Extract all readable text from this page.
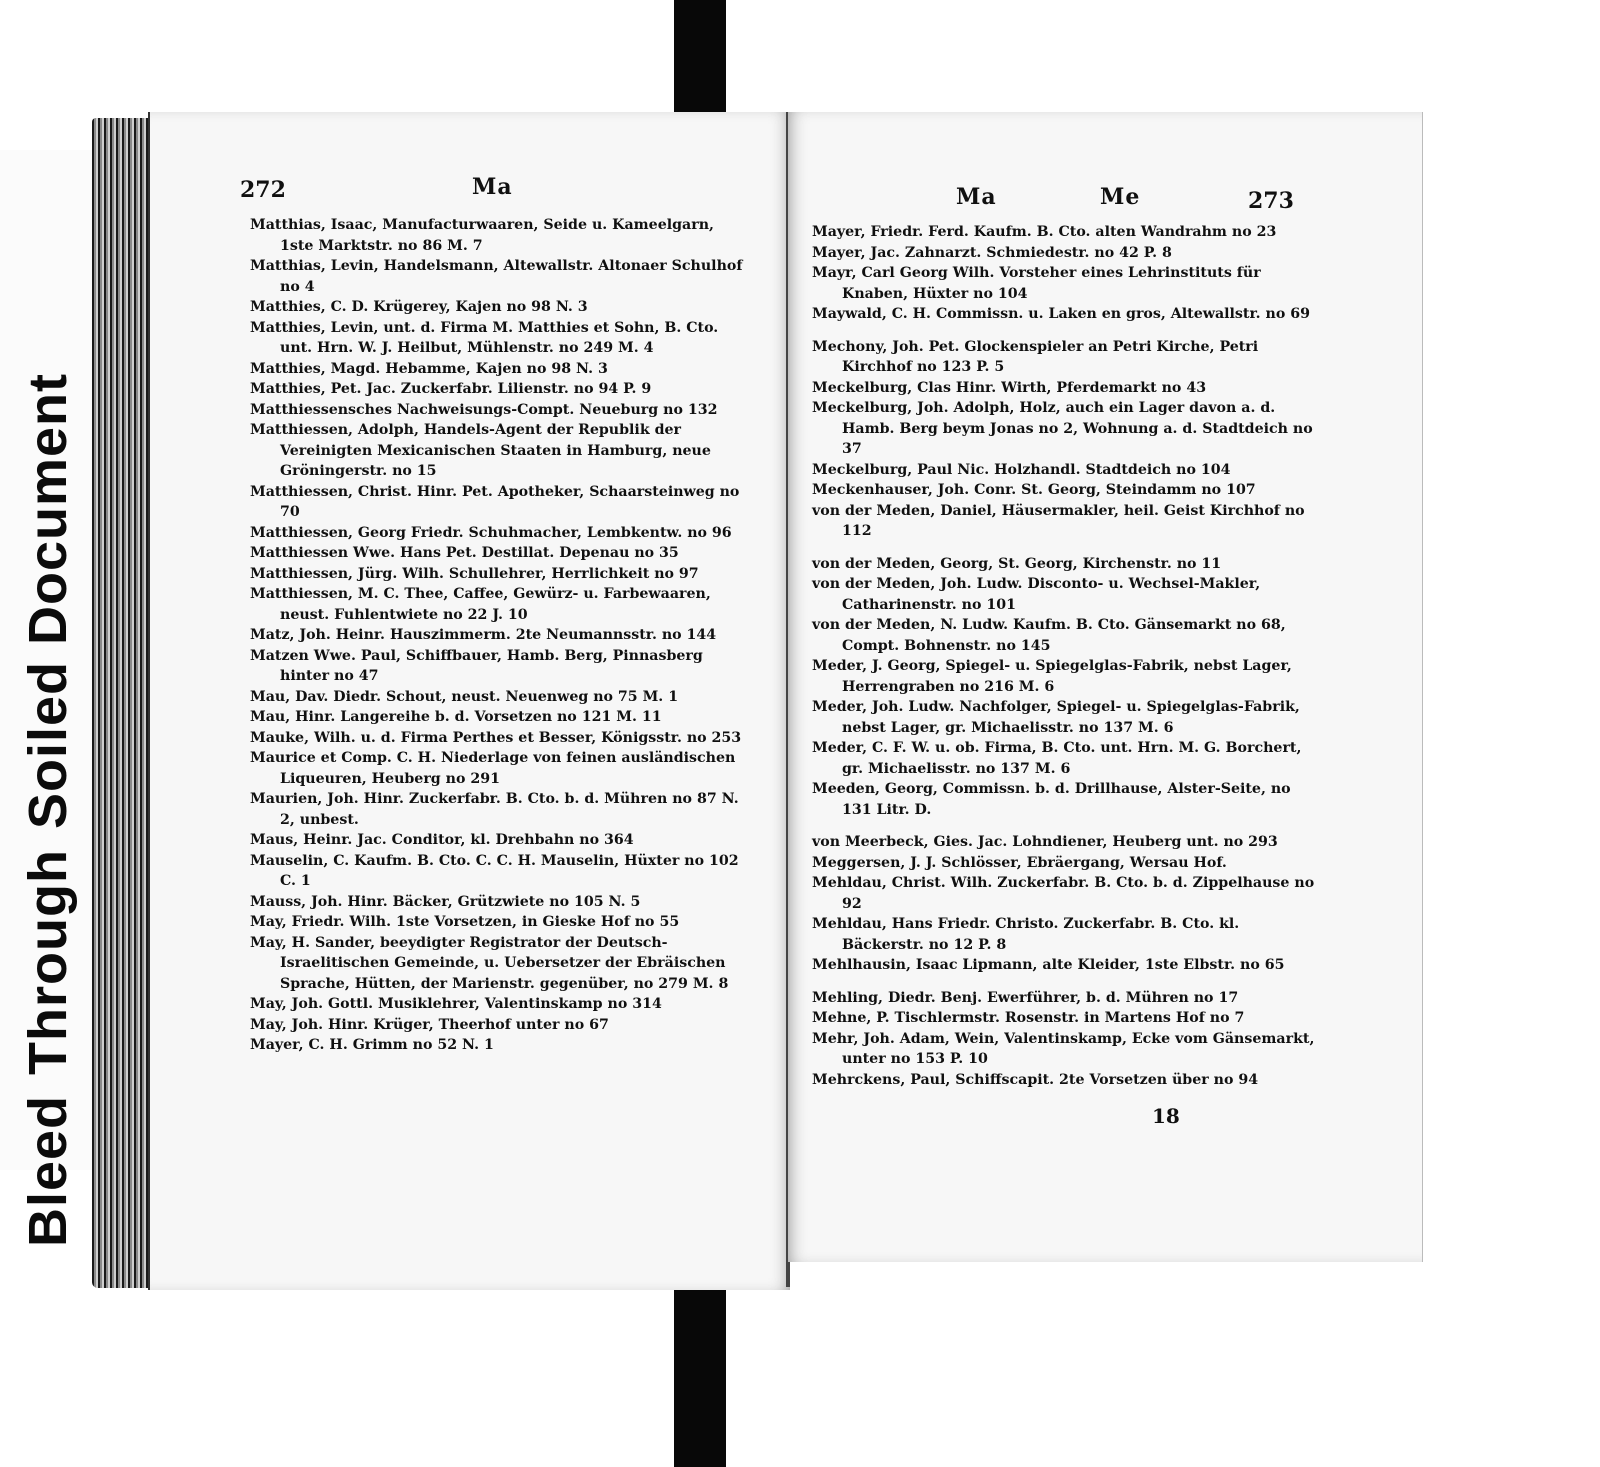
BleedThroughSoiled Document
272	Ma

Matthias, Isaac, Manufacturwaaren, Seide u. Kameelgarn, 1ste Marktstr. no 86 M. 7

Matthias, Levin, Handelsmann, Altewallstr. Altonaer Schulhof no 4

Matthies, C. D. Krügerey, Kajen no 98 N. 3

Matthies, Levin, unt. d. Firma M. Matthies et Sohn, B. Cto. unt. Hrn. W. J. Heilbut, Mühlenstr. no 249 M. 4

Matthies, Magd. Hebamme, Kajen no 98 N. 3

Matthies, Pet. Jac. Zuckerfabr. Lilienstr. no 94 P. 9

Matthiessensches Nachweisungs-Compt. Neueburg no 132

Matthiessen, Adolph, Handels-Agent der Republik der Vereinigten Mexicanischen Staaten in Hamburg, neue Gröningerstr. no 15

Matthiessen, Christ. Hinr. Pet. Apotheker, Schaarsteinweg no 70

Matthiessen, Georg Friedr. Schuhmacher, Lembkentw. no 96

Matthiessen Wwe. Hans Pet. Destillat. Depenau no 35

Matthiessen, Jürg. Wilh. Schullehrer, Herrlichkeit no 97

Matthiessen, M. C. Thee, Caffee, Gewürz- u. Farbewaaren, neust. Fuhlentwiete no 22 J. 10

Matz, Joh. Heinr. Hauszimmerm. 2te Neumannsstr. no 144

Matzen Wwe. Paul, Schiffbauer, Hamb. Berg, Pinnasberg hinter no 47

Mau, Dav. Diedr. Schout, neust. Neuenweg no 75 M. 1

Mau, Hinr. Langereihe b. d. Vorsetzen no 121 M. 11

Mauke, Wilh. u. d. Firma Perthes et Besser, Königsstr. no 253

Maurice et Comp. C. H. Niederlage von feinen ausländischen Liqueuren, Heuberg no 291

Maurien, Joh. Hinr. Zuckerfabr. B. Cto. b. d. Mühren no 87 N. 2, unbest.

Maus, Heinr. Jac. Conditor, kl. Drehbahn no 364

Mauselin, C. Kaufm. B. Cto. C. C. H. Mauselin, Hüxter no 102 C. 1

Mauss, Joh. Hinr. Bäcker, Grützwiete no 105 N. 5

May, Friedr. Wilh. 1ste Vorsetzen, in Gieske Hof no 55

May, H. Sander, beeydigter Registrator der Deutsch-Israelitischen Gemeinde, u. Uebersetzer der Ebräischen Sprache, Hütten, der Marienstr. gegenüber, no 279 M. 8

May, Joh. Gottl. Musiklehrer, Valentinskamp no 314

May, Joh. Hinr. Krüger, Theerhof unter no 67

Mayer, C. H. Grimm no 52 N. 1

Ma	Me	273

Mayer, Friedr. Ferd. Kaufm. B. Cto. alten Wandrahm no 23

Mayer, Jac. Zahnarzt. Schmiedestr. no 42 P. 8

Mayr, Carl Georg Wilh. Vorsteher eines Lehrinstituts für Knaben, Hüxter no 104

Maywald, C. H. Commissn. u. Laken en gros, Altewallstr. no 69

Mechony, Joh. Pet. Glockenspieler an Petri Kirche, Petri Kirchhof no 123 P. 5

Meckelburg, Clas Hinr. Wirth, Pferdemarkt no 43

Meckelburg, Joh. Adolph, Holz, auch ein Lager davon a. d. Hamb. Berg beym Jonas no 2, Wohnung a. d. Stadtdeich no 37

Meckelburg, Paul Nic. Holzhandl. Stadtdeich no 104

Meckenhauser, Joh. Conr. St. Georg, Steindamm no 107

von der Meden, Daniel, Häusermakler, heil. Geist Kirchhof no 112

von der Meden, Georg, St. Georg, Kirchenstr. no 11

von der Meden, Joh. Ludw. Disconto- u. Wechsel-Makler, Catharinenstr. no 101

von der Meden, N. Ludw. Kaufm. B. Cto. Gänsemarkt no 68, Compt. Bohnenstr. no 145

Meder, J. Georg, Spiegel- u. Spiegelglas-Fabrik, nebst Lager, Herrengraben no 216 M. 6

Meder, Joh. Ludw. Nachfolger, Spiegel- u. Spiegelglas-Fabrik, nebst Lager, gr. Michaelisstr. no 137 M. 6

Meder, C. F. W. u. ob. Firma, B. Cto. unt. Hrn. M. G. Borchert, gr. Michaelisstr. no 137 M. 6

Meeden, Georg, Commissn. b. d. Drillhause, Alster-Seite, no 131 Litr. D.

von Meerbeck, Gies. Jac. Lohndiener, Heuberg unt. no 293

Meggersen, J. J. Schlösser, Ebräergang, Wersau Hof.

Mehldau, Christ. Wilh. Zuckerfabr. B. Cto. b. d. Zippelhause no 92

Mehldau, Hans Friedr. Christo. Zuckerfabr. B. Cto. kl. Bäckerstr. no 12 P. 8

Mehlhausin, Isaac Lipmann, alte Kleider, 1ste Elbstr. no 65

Mehling, Diedr. Benj. Ewerführer, b. d. Mühren no 17

Mehne, P. Tischlermstr. Rosenstr. in Martens Hof no 7

Mehr, Joh. Adam, Wein, Valentinskamp, Ecke vom Gänsemarkt, unter no 153 P. 10

Mehrckens, Paul, Schiffscapit. 2te Vorsetzen über no 94

18
